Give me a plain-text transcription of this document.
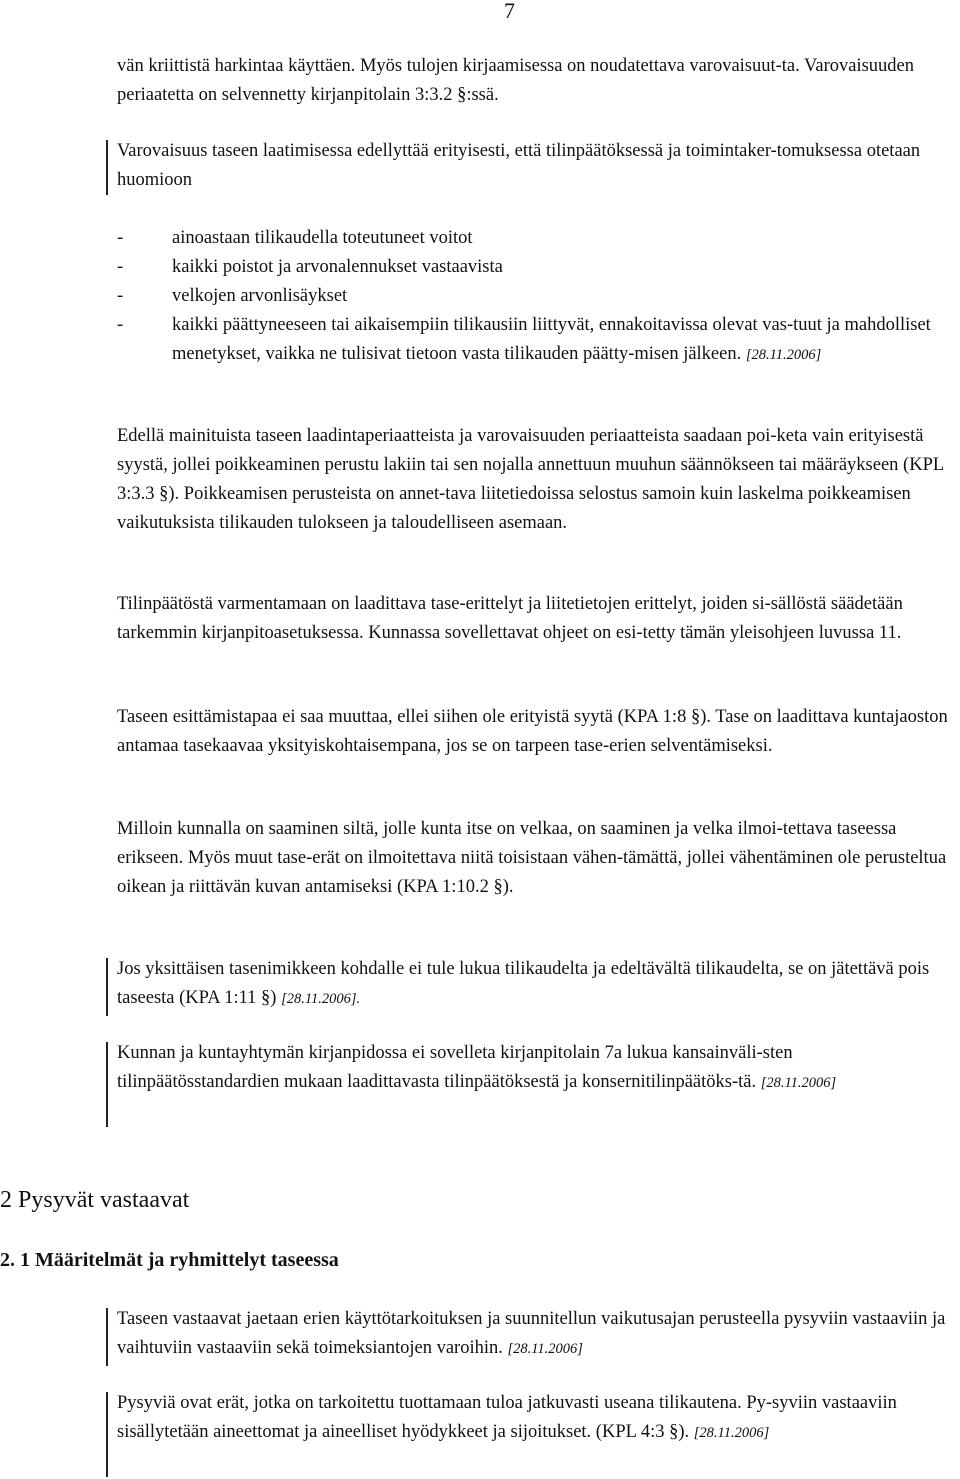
7

vän kriittistä harkintaa käyttäen. Myös tulojen kirjaamisessa on noudatettava varovaisuut-ta. Varovaisuuden periaatetta on selvennetty kirjanpitolain 3:3.2 §:ssä.

Varovaisuus taseen laatimisessa edellyttää erityisesti, että tilinpäätöksessä ja toimintaker-tomuksessa otetaan huomioon

-	ainoastaan tilikaudella toteutuneet voitot
-	kaikki poistot ja arvonalennukset vastaavista
-	velkojen arvonlisäykset
-	kaikki päättyneeseen tai aikaisempiin tilikausiin liittyvät, ennakoitavissa olevat vas-tuut ja mahdolliset menetykset, vaikka ne tulisivat tietoon vasta tilikauden päätty-misen jälkeen. [28.11.2006]

Edellä mainituista taseen laadintaperiaatteista ja varovaisuuden periaatteista saadaan poi-keta vain erityisestä syystä, jollei poikkeaminen perustu lakiin tai sen nojalla annettuun muuhun säännökseen tai määräykseen (KPL 3:3.3 §). Poikkeamisen perusteista on annet-tava liitetiedoissa selostus samoin kuin laskelma poikkeamisen vaikutuksista tilikauden tulokseen ja taloudelliseen asemaan.

Tilinpäätöstä varmentamaan on laadittava tase-erittelyt ja liitetietojen erittelyt, joiden si-sällöstä säädetään tarkemmin kirjanpitoasetuksessa. Kunnassa sovellettavat ohjeet on esi-tetty tämän yleisohjeen luvussa 11.

Taseen esittämistapaa ei saa muuttaa, ellei siihen ole erityistä syytä (KPA 1:8 §). Tase on laadittava kuntajaoston antamaa tasekaavaa yksityiskohtaisempana, jos se on tarpeen tase-erien selventämiseksi.

Milloin kunnalla on saaminen siltä, jolle kunta itse on velkaa, on saaminen ja velka ilmoi-tettava taseessa erikseen. Myös muut tase-erät on ilmoitettava niitä toisistaan vähen-tämättä, jollei vähentäminen ole perusteltua oikean ja riittävän kuvan antamiseksi (KPA 1:10.2 §).

Jos yksittäisen tasenimikkeen kohdalle ei tule lukua tilikaudelta ja edeltävältä tilikaudelta, se on jätettävä pois taseesta (KPA 1:11 §) [28.11.2006].

Kunnan ja kuntayhtymän kirjanpidossa ei sovelleta kirjanpitolain 7a lukua kansainväli-sten tilinpäätösstandardien mukaan laadittavasta tilinpäätöksestä ja konsernitilinpäätöks-tä. [28.11.2006]

2 Pysyvät vastaavat
2. 1 Määritelmät ja ryhmittelyt taseessa

Taseen vastaavat jaetaan erien käyttötarkoituksen ja suunnitellun vaikutusajan perusteella pysyviin vastaaviin ja vaihtuviin vastaaviin sekä toimeksiantojen varoihin. [28.11.2006]

Pysyviä ovat erät, jotka on tarkoitettu tuottamaan tuloa jatkuvasti useana tilikautena. Py-syviin vastaaviin sisällytetään aineettomat ja aineelliset hyödykkeet ja sijoitukset. (KPL 4:3 §). [28.11.2006]
